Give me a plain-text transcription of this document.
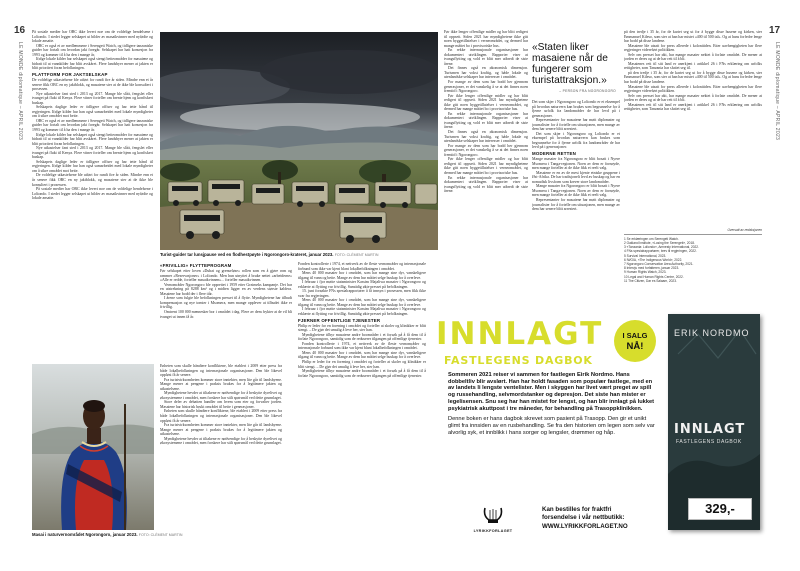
16	17
LE MONDE diplomatique – APRIL 2023	LE MONDE diplomatique – APRIL 2023

På sosiale medier har OBC ikke levert noe om de voldelige hendelsene i Loliondo. I stedet legger selskapet ut bilder av masaikvinner med nyfødte og lokale ansatte.

OBC er også et av medlemmene i Serengeti Watch, og tidligere tanzaniske guider har fortalt om hvordan jakt foregår. Selskapet har hatt konsesjon fra 1993 og kommer til å ha den i mange år.

Ifølge lokale kilder har selskapet også stengt beiteområder for masaiene og bidratt til at vannkilder har blitt avskåret. Flere landsbyer mener at jakten er blitt prioritert foran befolkningen.

PLATTFORM FOR JAKTSELSKAP

De voldelige utkastelsene ble utført for rundt fire år siden. Mindre enn et år senere fikk OBC en ny jaktblokk, og masaiene sier at de ikke ble konsultert i prosessen.

Nye utkastelser fant sted i 2013 og 2017. Mange ble slått, fengslet eller tvunget på flukt til Kenya. Flere vitner forteller om brente hjem og konfiskert buskap.

Selskapets daglige leder er tidligere offiser og har tette bånd til regjeringen. Ifølge kilder har han også samarbeidet med lokale myndigheter om å sikre området mot beite.

OBC er også et av medlemmene i Serengeti Watch, og tidligere tanzaniske guider har fortalt om hvordan jakt foregår. Selskapet har hatt konsesjon fra 1993 og kommer til å ha den i mange år.

Ifølge lokale kilder har selskapet også stengt beiteområder for masaiene og bidratt til at vannkilder har blitt avskåret. Flere landsbyer mener at jakten er blitt prioritert foran befolkningen.

Nye utkastelser fant sted i 2013 og 2017. Mange ble slått, fengslet eller tvunget på flukt til Kenya. Flere vitner forteller om brente hjem og konfiskert buskap.

Selskapets daglige leder er tidligere offiser og har tette bånd til regjeringen. Ifølge kilder har han også samarbeidet med lokale myndigheter om å sikre området mot beite.

De voldelige utkastelsene ble utført for rundt fire år siden. Mindre enn et år senere fikk OBC en ny jaktblokk, og masaiene sier at de ikke ble konsultert i prosessen.

På sosiale medier har OBC ikke levert noe om de voldelige hendelsene i Loliondo. I stedet legger selskapet ut bilder av masaikvinner med nyfødte og lokale ansatte.

Turist-guider tar lunsjpause ved en flodhestpøyte i Ngorongoro-krateret, januar 2023. FOTO: CLÉMENT MARTIN
Masai i naturvernområdet Ngorongoro, januar 2023. FOTO: CLÉMENT MARTIN

Enheten som skulle håndtere konfliktene, ble etablert i 2009 etter press fra både lokalbefolkningen og internasjonale organisasjoner. Den ble likevel oppløst få år senere.

Fra turistvirksomheten kommer store inntekter, men lite går til landsbyene. Mange mener at pengene i praksis brukes for å legitimere jakten og utkastelsene.

Myndighetene hevder at tiltakene er nødvendige for å beskytte dyrelivet og økosystemene i området, men forskere har stilt spørsmål ved dette grunnlaget.

Store deler av debatten handler om hvem som eier og forvalter jorden. Masaiene har historisk brukt området til beite i generasjoner.

Enheten som skulle håndtere konfliktene, ble etablert i 2009 etter press fra både lokalbefolkningen og internasjonale organisasjoner. Den ble likevel oppløst få år senere.

Fra turistvirksomheten kommer store inntekter, men lite går til landsbyene. Mange mener at pengene i praksis brukes for å legitimere jakten og utkastelsene.

Myndighetene hevder at tiltakene er nødvendige for å beskytte dyrelivet og økosystemene i området, men forskere har stilt spørsmål ved dette grunnlaget.

«FRIVILLIG» FLYTTEPROGRAM

Før selskapet etter loven «Dubai og grenseløse» rollen som en å gjøre rom og rammer «Reservasjoner» i Loliondo. Men hun utnyttet å bruke nettet «arbeiderne» «Alle er redde, forteller masaikvinnen»... forteller masaikvinnen.

Vernområder Ngorongoro ble opprettet i 1959 etter Grzimeks kampanje. Det har en utstrekning på 8288 km² og i midten ligger en av verdens største kaldera. Masaiene har bodd der i flere tiår.

I årene som fulgte ble befolkningen presset til å flytte. Myndighetene har tilbudt kompensasjon og nye tomter i Msomera, men mange opplever at tilbudet ikke er frivillig.

Omtrent 100 000 mennesker bor i området i dag. Flere av dem frykter at de vil bli tvunget ut innen få år.

Fonden kontrollerte i 1974, et nettverk av de fleste vernområder og internasjonale forbund som ikke var kjent blant lokalbefolkningen i området.

Mens 40 000 masaier bor i området, som har mange sine dyr, vanskeligere tilgang til vann og beite. Mange av dem har måttet selge buskap for å overleve.

I februar i fjor møtte statsminister Kassim Majaliwa masaier i Ngorongoro og erklærte at flytting var frivillig. Samtidig økte presset på befolkningen.

15. juni forsøkte FNs spesialrapportører å få innsyn i prosessen, men fikk ikke svar fra regjeringen.

Mens 40 000 masaier bor i området, som har mange sine dyr, vanskeligere tilgang til vann og beite. Mange av dem har måttet selge buskap for å overleve.

I februar i fjor møtte statsminister Kassim Majaliwa masaier i Ngorongoro og erklærte at flytting var frivillig. Samtidig økte presset på befolkningen.

FJERNER OFFENTLIGE TJENESTER

Philip er leder for en forening i området og forteller at skoler og klinikker er blitt stengt. – De gjør det umulig å leve her, sier han.

Myndighetene tilbyr masaiene andre boområder i et forsøk på å få dem til å forlate Ngorongoro, samtidig som de reduserer tilgangen på offentlige tjenester.

Fonden kontrollerte i 1974, et nettverk av de fleste vernområder og internasjonale forbund som ikke var kjent blant lokalbefolkningen i området.

Mens 40 000 masaier bor i området, som har mange sine dyr, vanskeligere tilgang til vann og beite. Mange av dem har måttet selge buskap for å overleve.

Philip er leder for en forening i området og forteller at skoler og klinikker er blitt stengt. – De gjør det umulig å leve her, sier han.

Myndighetene tilbyr masaiene andre boområder i et forsøk på å få dem til å forlate Ngorongoro, samtidig som de reduserer tilgangen på offentlige tjenester.

Før ikke lenger offentlige midler og har blitt redigert til oppsett. Siden 2021 har myndighetene ikke gitt noen byggetillatelser i verneområdet, og dermed har mange måttet bo i provisoriske hus.

En rekke internasjonale organisasjoner har dokumentert utviklingen. Rapporter viser at tvangsflytting og vold er blitt mer utbredt de siste årene.

Det finnes også en økonomisk dimensjon. Turismen har vokst kraftig, og både lokale og utenlandske selskaper har interesser i området.

For mange av dem som har bodd her gjennom generasjoner, er det vanskelig å se at det finnes noen fremtid i Ngorongoro.

Før ikke lenger offentlige midler og har blitt redigert til oppsett. Siden 2021 har myndighetene ikke gitt noen byggetillatelser i verneområdet, og dermed har mange måttet bo i provisoriske hus.

En rekke internasjonale organisasjoner har dokumentert utviklingen. Rapporter viser at tvangsflytting og vold er blitt mer utbredt de siste årene.

Det finnes også en økonomisk dimensjon. Turismen har vokst kraftig, og både lokale og utenlandske selskaper har interesser i området.

For mange av dem som har bodd her gjennom generasjoner, er det vanskelig å se at det finnes noen fremtid i Ngorongoro.

Før ikke lenger offentlige midler og har blitt redigert til oppsett. Siden 2021 har myndighetene ikke gitt noen byggetillatelser i verneområdet, og dermed har mange måttet bo i provisoriske hus.

En rekke internasjonale organisasjoner har dokumentert utviklingen. Rapporter viser at tvangsflytting og vold er blitt mer utbredt de siste årene.

«Staten liker masaiene når de fungerer som turistattraksjon.»
– PERSON FRA NGORONGORO

Det som skjer i Ngorongoro og Loliondo er et eksempel på hvordan naturvern kan brukes som begrunnelse for å fjerne urfolk fra landområder de har levd på i generasjoner.

Representanter for masaiene har møtt diplomater og journalister for å fortelle om situasjonen, men mange av dem har senere blitt arrestert.

Det som skjer i Ngorongoro og Loliondo er et eksempel på hvordan naturvern kan brukes som begrunnelse for å fjerne urfolk fra landområder de har levd på i generasjoner.

MODERNE RETTEN

Mange masaier fra Ngorongoro er blitt bosatt i Nyere Msomera i Tanga-regionen. Noen av dem er fornøyde, men mange forteller at de ikke fikk et reelt valg.

Masaiene er en av de mest kjente etniske gruppene i Øst-Afrika. De har tradisjonelt levd av buskap og har en nomadisk livsform som krever store landområder.

Mange masaier fra Ngorongoro er blitt bosatt i Nyere Msomera i Tanga-regionen. Noen av dem er fornøyde, men mange forteller at de ikke fikk et reelt valg.

Representanter for masaiene har møtt diplomater og journalister for å fortelle om situasjonen, men mange av dem har senere blitt arrestert.

på den tredje i 35 år, for de kartet seg ut for å bygge disse husene og kirken, sier Emmanuel Kileso, som sier at han har mistet «400 til 500 tal». Og at hans forfedre lenge har bodd på disse landene.

Masaiene ble utsatt for press allerede i kolonitiden. Etter uavhengigheten har flere regjeringer videreført politikken.

Selv om presset har økt, har mange masaier nektet å forlate området. De mener at jorden er deres og at de har rett til å bli.

Masaienes rett til sitt land er anerkjent i artikkel 26 i FNs erklæring om urfolks rettigheter, som Tanzania har sluttet seg til.

på den tredje i 35 år, for de kartet seg ut for å bygge disse husene og kirken, sier Emmanuel Kileso, som sier at han har mistet «400 til 500 tal». Og at hans forfedre lenge har bodd på disse landene.

Masaiene ble utsatt for press allerede i kolonitiden. Etter uavhengigheten har flere regjeringer videreført politikken.

Selv om presset har økt, har mange masaier nektet å forlate området. De mener at jorden er deres og at de har rett til å bli.

Masaienes rett til sitt land er anerkjent i artikkel 26 i FNs erklæring om urfolks rettigheter, som Tanzania har sluttet seg til.

Oversatt av redaksjonen
1 Se erklæringen om Serengeti Watch.
2 Oakland Institute, «Losing the Serengeti», 2018.
3 «Tanzania: Loliondo», Amnesty International, 2022.
4 FNs spesialrapportører, brev til regjeringen, 2022.
5 Survival International, 2023.
6 IWGIA, «The Indigenous World», 2022.
7 Ngorongoro Conservation Area Authority, 2021.
8 Intervju med forfatteren, januar 2023.
9 Human Rights Watch, 2023.
10 Legal and Human Rights Centre, 2022.
11 The Citizen, Dar es Salaam, 2023.
INNLAGT
FASTLEGENS DAGBOK
I SALG
NÅ!
ERIK NORDMO
INNLAGT
FASTLEGENS DAGBOK
329,-
Sommeren 2021 reiser vi sammen for fastlegen Eirik Nordmo. Hans dobbeltliv blir avslørt. Han har holdt fasaden som populær fastlege, med en av landets li lengste ventelister. Men i skyggen har livet vært preget av spill og russehandling, selvmordstanker og depresjon. Det siste han mister er legelisensen. Snu seg har han mistet for lengst, og han blir innlagt på lukket psykiatrisk akuttpost i tre måneder, for behandling på Trasoppklinikken.
Denne boken er hans dagbok skrevet som pasient på Trasopp. Den gir et unikt glimt fra innsiden av en rusbehandling. Se fra den historien om legen som selv var alvorlig syk, et innblikk i hans sorger og lengsler, drømmer og håp.
LYRIKKFORLAGET
Kan bestilles for fraktfri
forsendelse i vår nettbutikk:
WWW.LYRIKKFORLAGET.NO
